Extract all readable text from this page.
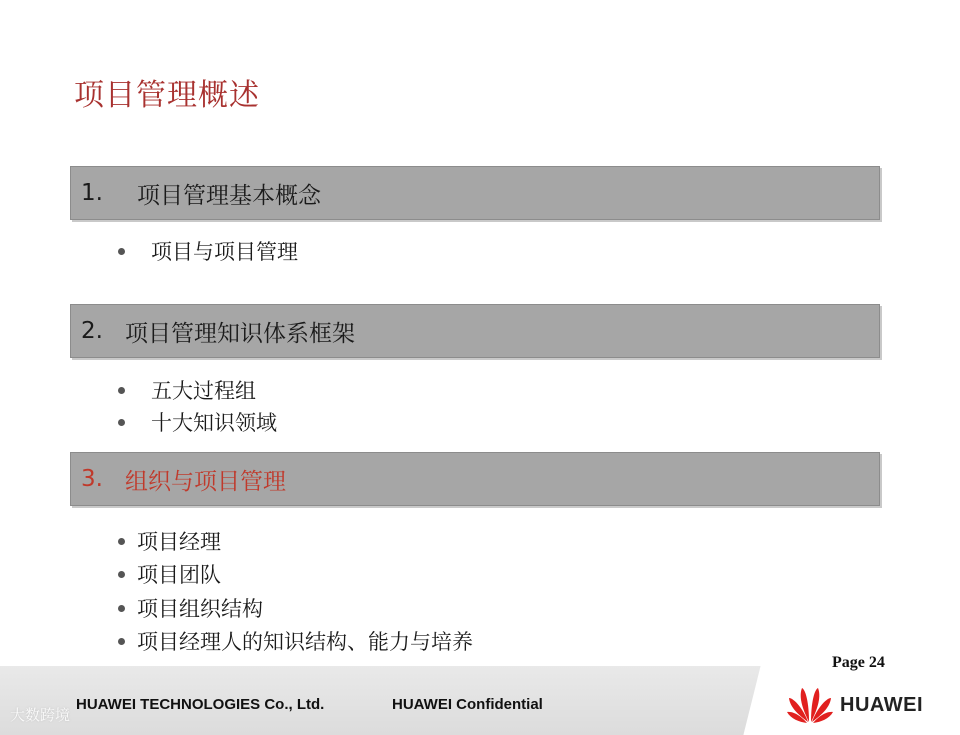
项目管理概述
1. 项目管理基本概念
项目与项目管理
2. 项目管理知识体系框架
五大过程组
十大知识领域
3. 组织与项目管理
项目经理
项目团队
项目组织结构
项目经理人的知识结构、能力与培养
Page 24
HUAWEI TECHNOLOGIES Co., Ltd.	HUAWEI Confidential	HUAWEI
大数跨境
